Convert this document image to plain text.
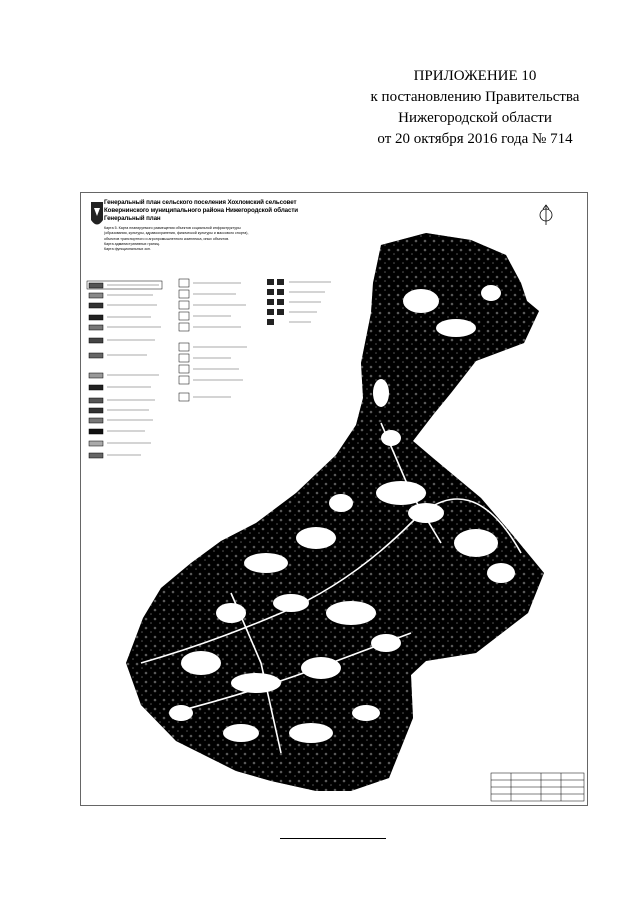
ПРИЛОЖЕНИЕ 10
к постановлению Правительства
Нижегородской области
от 20 октября 2016 года № 714
Генеральный план сельского поселения Хохломский сельсовет
Ковернинского муниципального района Нижегородской области
Генеральный план
Карта 5. Карта планируемого размещения объектов социальной инфраструктуры
(образования, культуры, здравоохранения, физической культуры и массового спорта),
объектов транспортного и агропромышленного комплекса, иных объектов.
Карта административных границ.
Карта функциональных зон.
